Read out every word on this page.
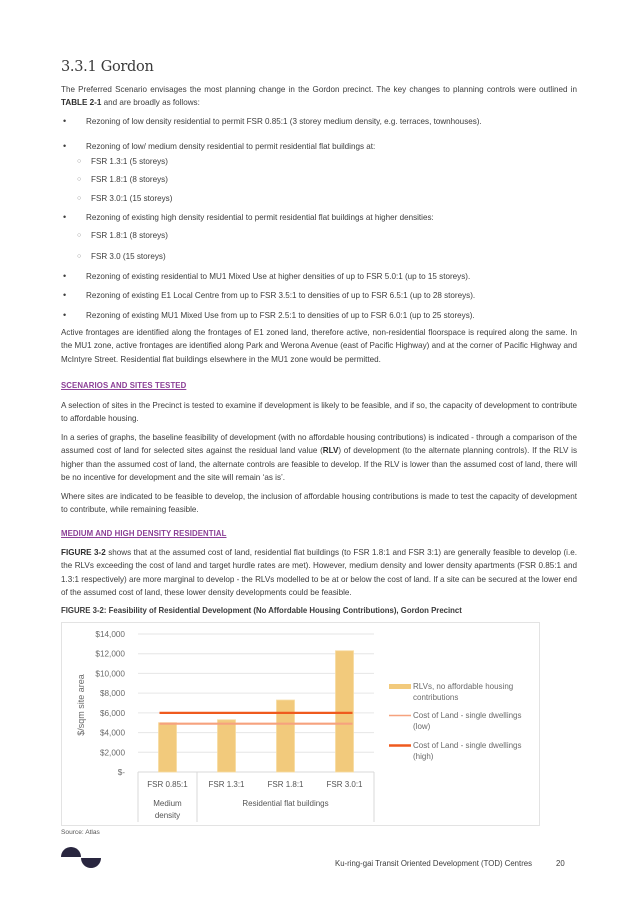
3.3.1 Gordon

The Preferred Scenario envisages the most planning change in the Gordon precinct. The key changes to planning controls were outlined in TABLE 2-1 and are broadly as follows:

• Rezoning of low density residential to permit FSR 0.85:1 (3 storey medium density, e.g. terraces, townhouses).
• Rezoning of low/ medium density residential to permit residential flat buildings at:
○ FSR 1.3:1 (5 storeys)
○ FSR 1.8:1 (8 storeys)
○ FSR 3.0:1 (15 storeys)
• Rezoning of existing high density residential to permit residential flat buildings at higher densities:
○ FSR 1.8:1 (8 storeys)
○ FSR 3.0 (15 storeys)
• Rezoning of existing residential to MU1 Mixed Use at higher densities of up to FSR 5.0:1 (up to 15 storeys).
• Rezoning of existing E1 Local Centre from up to FSR 3.5:1 to densities of up to FSR 6.5:1 (up to 28 storeys).
• Rezoning of existing MU1 Mixed Use from up to FSR 2.5:1 to densities of up to FSR 6.0:1 (up to 25 storeys).

Active frontages are identified along the frontages of E1 zoned land, therefore active, non-residential floorspace is required along the same. In the MU1 zone, active frontages are identified along Park and Werona Avenue (east of Pacific Highway) and at the corner of Pacific Highway and McIntyre Street. Residential flat buildings elsewhere in the MU1 zone would be permitted.

SCENARIOS AND SITES TESTED

A selection of sites in the Precinct is tested to examine if development is likely to be feasible, and if so, the capacity of development to contribute to affordable housing.

In a series of graphs, the baseline feasibility of development (with no affordable housing contributions) is indicated - through a comparison of the assumed cost of land for selected sites against the residual land value (RLV) of development (to the alternate planning controls). If the RLV is higher than the assumed cost of land, the alternate controls are feasible to develop. If the RLV is lower than the assumed cost of land, there will be no incentive for development and the site will remain ‘as is’.

Where sites are indicated to be feasible to develop, the inclusion of affordable housing contributions is made to test the capacity of development to contribute, while remaining feasible.

MEDIUM AND HIGH DENSITY RESIDENTIAL

FIGURE 3-2 shows that at the assumed cost of land, residential flat buildings (to FSR 1.8:1 and FSR 3:1) are generally feasible to develop (i.e. the RLVs exceeding the cost of land and target hurdle rates are met). However, medium density and lower density apartments (FSR 0.85:1 and 1.3:1 respectively) are more marginal to develop - the RLVs modelled to be at or below the cost of land. If a site can be secured at the lower end of the assumed cost of land, these lower density developments could be feasible.

FIGURE 3-2: Feasibility of Residential Development (No Affordable Housing Contributions), Gordon Precinct
$-
$2,000
$4,000
$6,000
$8,000
$10,000
$12,000
$14,000
$/sqm site area
FSR 0.85:1	FSR 1.3:1	FSR 1.8:1	FSR 3.0:1
Medium
density
Residential flat buildings
RLVs, no affordable housing
contributions
Cost of Land - single dwellings
(low)
Cost of Land - single dwellings
(high)
Source: Atlas
Ku-ring-gai Transit Oriented Development (TOD) Centres	20
